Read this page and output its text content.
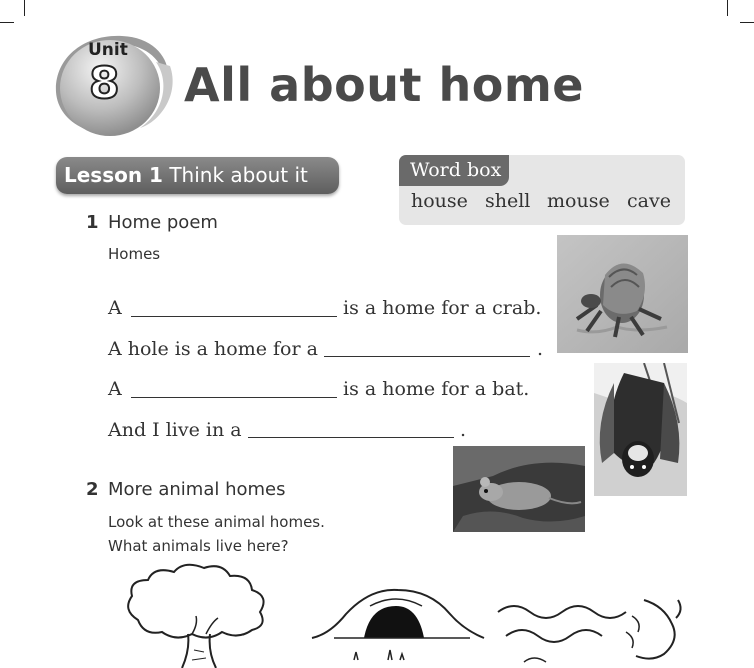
Unit
8 All about home
Lesson 1 Think about it	Word box
house shell mouse cave
1 Home poem
Homes
A	is a home for a crab.
A hole is a home for a	.
A	is a home for a bat.
And I live in a	.
2 More animal homes
Look at these animal homes.
What animals live here?
